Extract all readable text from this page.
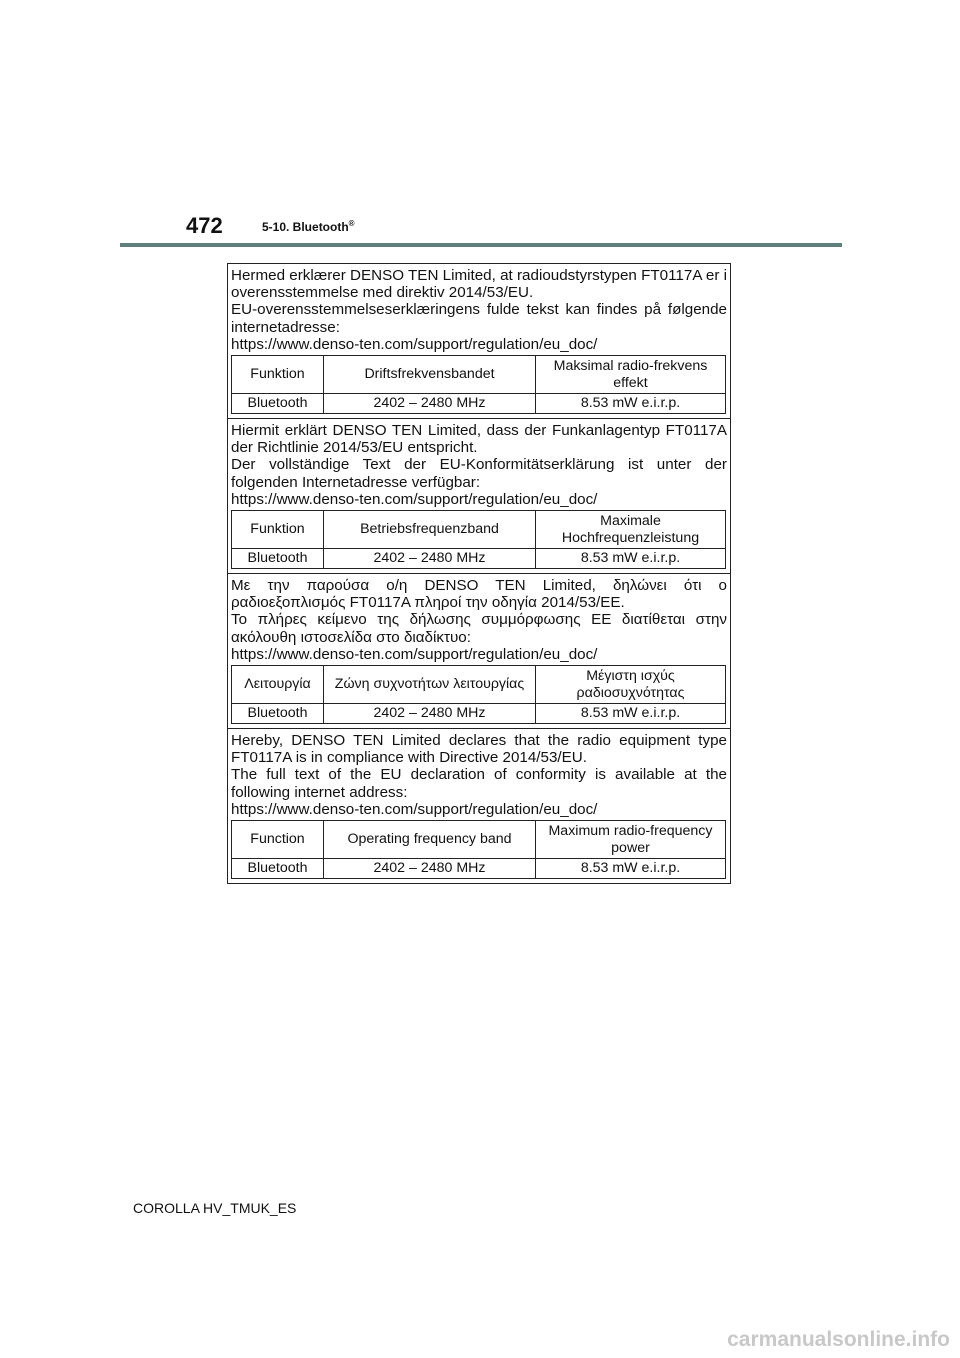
472	5-10. Bluetooth®
Hermed erklærer DENSO TEN Limited, at radioudstyrstypen FT0117A er i
overensstemmelse med direktiv 2014/53/EU.

EU-overensstemmelseserklæringens fulde tekst kan findes på følgende
internetadresse:
https://www.denso-ten.com/support/regulation/eu_doc/
Funktion	Driftsfrekvensbandet	Maksimal radio-frekvens effekt
Bluetooth	2402 – 2480 MHz	8.53 mW e.i.r.p.
Hiermit erklärt DENSO TEN Limited, dass der Funkanlagentyp FT0117A
der Richtlinie 2014/53/EU entspricht.

Der vollständige Text der EU-Konformitätserklärung ist unter der
folgenden Internetadresse verfügbar:
https://www.denso-ten.com/support/regulation/eu_doc/
Funktion	Betriebsfrequenzband	Maximale Hochfrequenzleistung
Bluetooth	2402 – 2480 MHz	8.53 mW e.i.r.p.
Με την παρούσα ο/η DENSO TEN Limited, δηλώνει ότι ο
ραδιοεξοπλισμός FT0117A πληροί την οδηγία 2014/53/ΕΕ.

Το πλήρες κείμενο της δήλωσης συμμόρφωσης ΕΕ διατίθεται στην
ακόλουθη ιστοσελίδα στο διαδίκτυο:
https://www.denso-ten.com/support/regulation/eu_doc/
Λειτουργία	Ζώνη συχνοτήτων λειτουργίας	Μέγιστη ισχύς ραδιοσυχνότητας
Bluetooth	2402 – 2480 MHz	8.53 mW e.i.r.p.
Hereby, DENSO TEN Limited declares that the radio equipment type
FT0117A is in compliance with Directive 2014/53/EU.

The full text of the EU declaration of conformity is available at the
following internet address:
https://www.denso-ten.com/support/regulation/eu_doc/
Function	Operating frequency band	Maximum radio-frequency power
Bluetooth	2402 – 2480 MHz	8.53 mW e.i.r.p.
COROLLA HV_TMUK_ES
carmanualsonline.info
